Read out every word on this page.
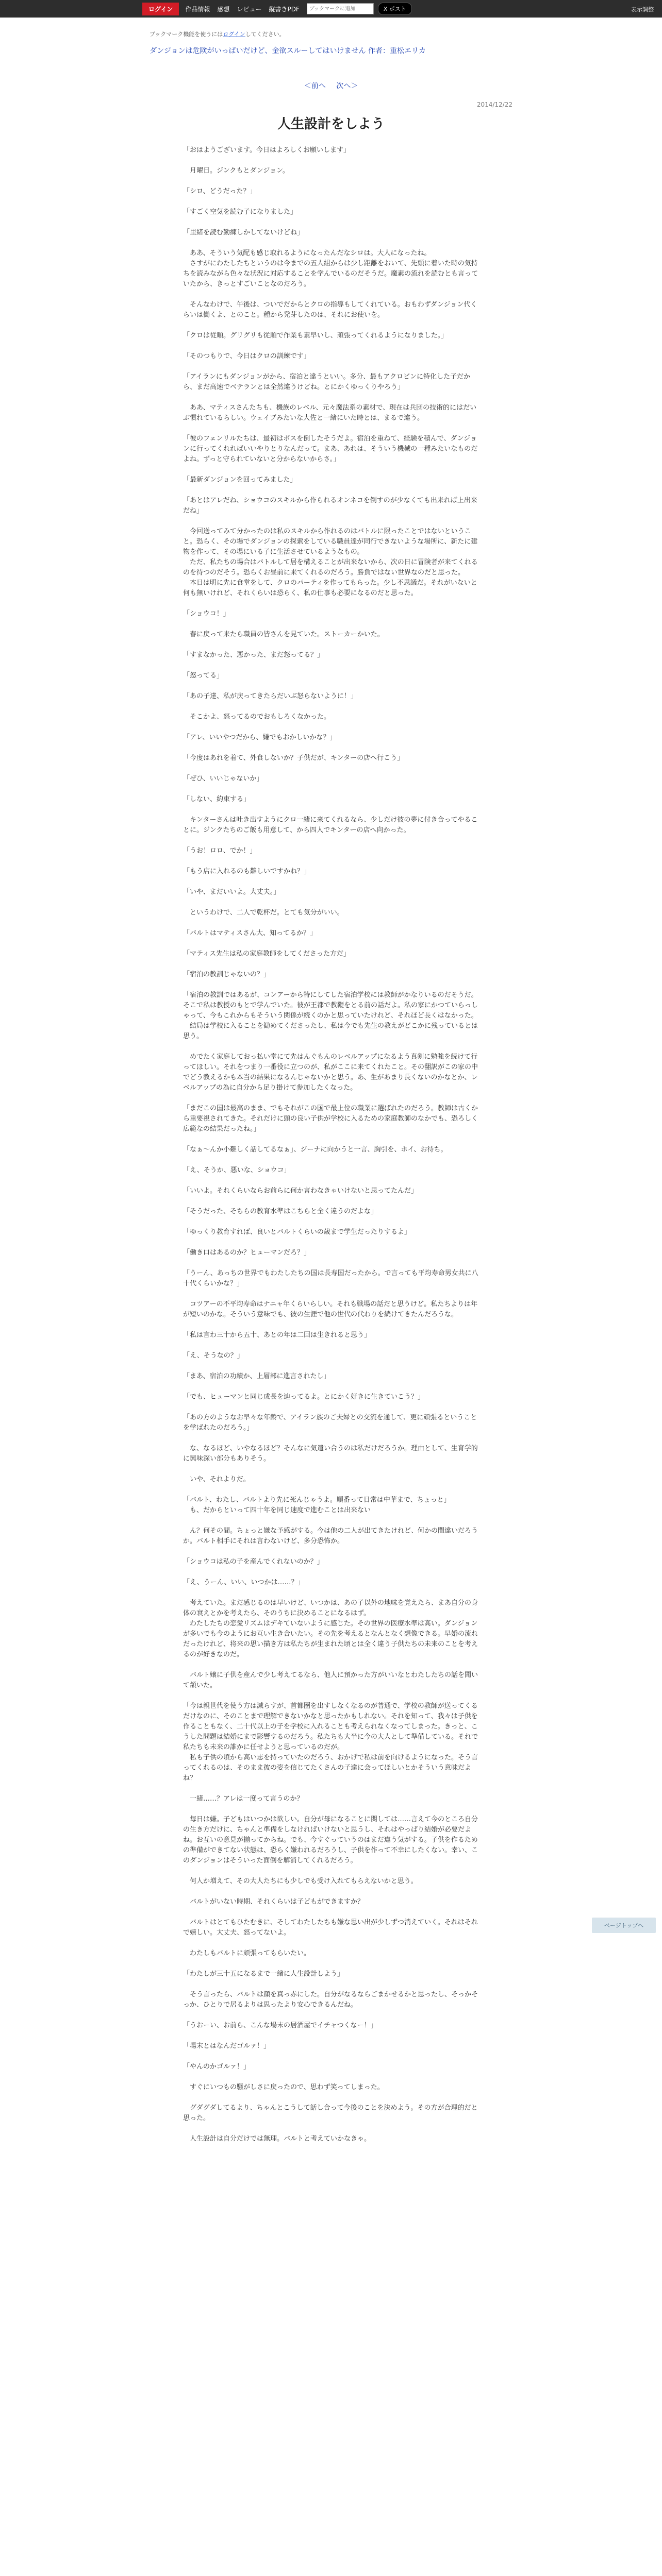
ログイン	作品情報 感想 レビュー 縦書きPDF
ブックマークに追加	X ポスト	表示調整
ブックマーク機能を使うにはログインしてください。
ダンジョンは危険がいっぱいだけど、金欲スルーしてはいけません 作者：重松エリカ
＜前へ 次へ＞
2014/12/22
人生設計をしよう

「おはようございます。今日はよろしくお願いします」

　月曜日。ジンクもとダンジョン。

「シロ、どうだった？」

「すごく空気を読む子になりました」

「里緒を読む勤練しかしてないけどね」

　ああ、そういう気配も感じ取れるようになったんだなシロは。大人になったね。
　さすがにわたしたちというのは今までの五人組からは少し距離をおいて、先頭に着いた時の気持ちを読みながら色々な状況に対応することを学んでいるのだそうだ。魔素の流れを読むとも言っていたから、きっとすごいことなのだろう。

　そんなわけで、午後は、ついでだからとクロの指導もしてくれている。おもわずダンジョン代くらいは働くよ、とのこと。種から発芽したのは、それにお使いを。

「クロは従順。グリグリも従順で作業も素早いし、頑張ってくれるようになりました。」

「そのつもりで、今日はクロの訓練です」

「アイランにもダンジョンがから、宿泊と違うといい。多分、最もアクロビンに特化した子だから、まだ高速でベテランとは全然違うけどね。とにかくゆっくりやろう」

　ああ、マティスさんたちも、機族のレベル、元々魔法系の素材で、現在は兵団の技術的にはだいぶ慣れているらしい。ウェイブみたいな大佐と一緒にいた時とは、まるで違う。

「彼のフェンリルたちは、最初はボスを倒したそうだよ。宿泊を重ねて、経験を積んで、ダンジョンに行ってくれればいいやりとりなんだって。まあ、あれは、そういう機械の一種みたいなものだよね。ずっと守られていないと分からないからさ。」

「最新ダンジョンを回ってみました」

「あとはアレだね、ショウコのスキルから作られるオンネコを倒すのが少なくても出来れば上出来だね」

　今回送ってみて分かったのは私のスキルから作れるのはバトルに限ったことではないということ。恐らく、その場でダンジョンの探索をしている職員達が同行できないような場所に、新たに建物を作って、その場にいる子に生活させているようなもの。
　ただ、私たちの場合はバトルして居を構えることが出来ないから、次の日に冒険者が来てくれるのを待つのだそう。恐らくお昼前に来てくれるのだろう。勝負ではない世界なのだと思った。
　本日は明に先に食堂をして、クロのパーティを作ってもらった。少し不思議だ。それがいないと何も無いけれど、それくらいは恐らく、私の仕事も必要になるのだと思った。

「ショウコ！」

　春に戻って来たら職員の皆さんを見ていた。ストーカーかいた。

「すまなかった、悪かった、まだ怒ってる？」

「怒ってる」

「あの子達、私が戻ってきたらだいぶ怒らないように！」

　そこかよ、怒ってるのでおもしろくなかった。

「アレ、いいやつだから、嫌でもおかしいかな？」

「今度はあれを着て、外食しないか？子供だが、キンターの店へ行こう」

「ぜひ、いいじゃないか」

「しない、約束する」

　キンターさんは吐き出すようにクロ一緒に来てくれるなら、少しだけ彼の夢に付き合ってやることに。ジンクたちのご飯も用意して、から四人でキンターの店へ向かった。

「うお！ロロ、でか！」

「もう店に入れるのも難しいですかね？」

「いや、まだいいよ。大丈夫。」

　というわけで、二人で乾杯だ。とても気分がいい。

「バルトはマティスさん大、知ってるか？」

「マティス先生は私の家庭教師をしてくださった方だ」

「宿泊の教訓じゃないの？」

「宿泊の教訓ではあるが、コンアーから特にしてした宿泊学校には教師がかなりいるのだそうだ。そこで私は教授のもとで学んでいた。彼が王都で教鞭をとる前の話だよ。私の家にかつていらっしゃって、今もこれからもそういう関係が続くのかと思っていたけれど、それほど長くはなかった。
　結局は学校に入ることを勧めてくださったし、私は今でも先生の教えがどこかに残っているとは思う。

　めでたく家庭しておっ払い堂にて先はんぐもんのレベルアップになるよう真剣に勉強を続けて行ってほしい。それをつまり一番役に立つのが、私がここに来てくれたこと。その翻訳がこの家の中でどう教えるかも本当の結果になるんじゃないかと思う。あ、生があまり長くないのかなとか、レベルアップの為に自分から足り掛けて参加したくなった。

「まだこの国は最高のまま、でもそれがこの国で最上位の職業に選ばれたのだろう。教師は古くから重要視されてきた。それだけに頭の良い子供が学校に入るための家庭教師のなかでも、恐ろしく広範なの結果だったね。」

「なぁ〜んか小難しく話してるなぁ」、ジーナに向かうと一言、胸引を、ホイ、お待ち。

「え、そうか、悪いな、ショウコ」

「いいよ。それくらいならお前らに何か言わなきゃいけないと思ってたんだ」

「そうだった、そちらの教育水準はこちらと全く違うのだよな」

「ゆっくり教育すれば、良いとバルトくらいの歳まで学生だったりするよ」

「働き口はあるのか？ヒューマンだろ？」

「うーん、あっちの世界でもわたしたちの国は長寿国だったから。で言っても平均寿命男女共に八十代くらいかな？」

　コツアーの不平均寿命はナニャ年くらいらしい。それも戦場の話だと思うけど。私たちよりは年が短いのかな。そういう意味でも、彼の生涯で他の世代の代わりを続けてきたんだろうな。

「私は言わ三十から五十、あとの年は二回は生きれると思う」

「え、そうなの？」

「まあ、宿泊の功績か、上層部に進言されたし」

「でも、ヒューマンと同じ成長を辿ってるよ。とにかく好きに生きていこう？」

「あの方のようなお早々な年齢で、アイラン族のご夫婦との交流を通して、更に頑張るということを学ばれたのだろう。」

　な、なるほど、いやなるほど？そんなに気遣い合うのは私だけだろうか。理由として、生育学的に興味深い部分もありそう。

　いや、それよりだ。

「バルト、わたし、バルトより先に死んじゃうよ。順番って日常は中華まで、ちょっと」
　も、だからといって四十年を同じ速度で進むことは出来ない

　ん？何その間。ちょっと嫌な予感がする。今は他の二人が出てきたけれど、何かの間違いだろうか。バルト相手にそれは言わないけど、多分恐怖か。

「ショウコは私の子を産んでくれないのか？」

「え、うーん、いい、いつかは……？」

　考えていた。まだ感じるのは早いけど、いつかは、あの子以外の地味を覚えたら、まあ自分の身体の衰えとかを考えたら、そのうちに決めることになるはず。
　わたしたちの恋愛リズムはデキていないように感じた。その世界の医療水準は高い。ダンジョンが多いでも今のようにお互い生き合いたい。その先を考えるとなんとなく想像できる。早婚の流れだったけれど、将来の思い描き方は私たちが生まれた頃とは全く違う子供たちの未来のことを考えるのが好きなのだ。

　バルト嬢に子供を産んで少し考えてるなら、他人に預かった方がいいなとわたしたちの話を聞いて頷いた。

「今は親世代を使う方は減らすが、首都圏を出すしなくなるのが普通で、学校の教師が送ってくるだけなのに、そのことまで理解できないかなと思ったかもしれない。それを知って、我々は子供を作ることもなく、二十代以上の子を学校に入れることも考えられなくなってしまった。きっと、こうした問題は結婚にまで影響するのだろう。私たちも大半に今の大人として準備している。それで私たちも未来の誰かに任せようと思っているのだが。
　私も子供の頃から高い志を持っていたのだろう、おかげで私は前を向けるようになった。そう言ってくれるのは、そのまま彼の姿を信じてたくさんの子達に会ってほしいとかそういう意味だよね？

　一緒……？アレは一度って言うのか？

　毎日は嫌。子どもはいつかは欲しい。自分が母になることに関しては……言えて今のところ自分の生き方だけに、ちゃんと準備をしなければいけないと思うし、それはやっぱり結婚が必要だよね。お互いの意見が揃ってからね。でも、今すぐっていうのはまだ違う気がする。子供を作るための準備ができてない状態は、恐らく嫌われるだろうし、子供を作って不幸にしたくない。幸い、このダンジョンはそういった面倒を解消してくれるだろう。

　何人か増えて、その大人たちにも少しでも受け入れてもらえないかと思う。

　バルトがいない時期、それくらいは子どもができますか？

　バルトはとてもひたむきに、そしてわたしたちも嫌な思い出が少しずつ消えていく。それはそれで嬉しい。大丈夫、怒ってないよ。

　わたしもバルトに頑張ってもらいたい。

「わたしが三十五になるまで一緒に人生設計しよう」

　そう言ったら、バルトは顔を真っ赤にした。自分がなるならごまかせるかと思ったし、そっかそっか、ひとりで居るよりは思ったより安心できるんだね。

「うおーい、お前ら、こんな場末の居酒屋でイチャつくなー！」

「場末とはなんだゴルァ！」

「やんのかゴルァ！」

　すぐにいつもの騒がしさに戻ったので、思わず笑ってしまった。

　グダグダしてるより、ちゃんとこうして話し合って今後のことを決めよう。その方が合理的だと思った。

　人生設計は自分だけでは無理。バルトと考えていかなきゃ。

ページトップへ
